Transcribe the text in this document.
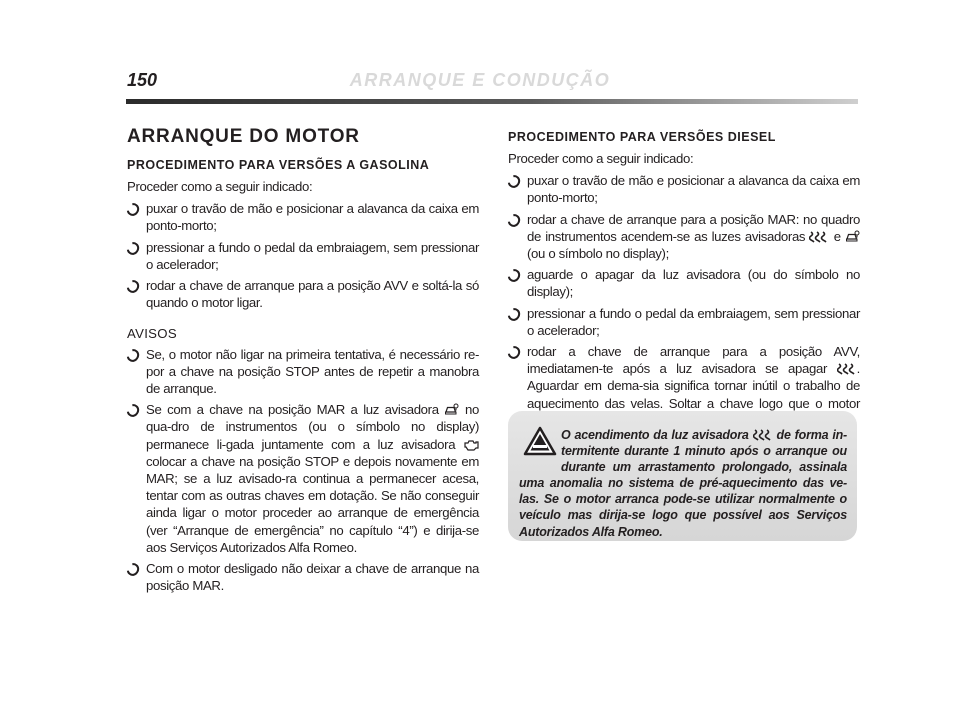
150	ARRANQUE E CONDUÇÃO
ARRANQUE DO MOTOR
PROCEDIMENTO PARA VERSÕES A GASOLINA
Proceder como a seguir indicado:
puxar o travão de mão e posicionar a alavanca da caixa em ponto-morto;
pressionar a fundo o pedal da embraiagem, sem pressionar o acelerador;
rodar a chave de arranque para a posição AVV e soltá-la só quando o motor ligar.
AVISOS
Se, o motor não ligar na primeira tentativa, é necessário re-por a chave na posição STOP antes de repetir a manobra de arranque.
Se com a chave na posição MAR a luz avisadora no qua-dro de instrumentos (ou o símbolo no display) permanece li-gada juntamente com a luz avisadora  colocar a chave na posição STOP e depois novamente em MAR; se a luz avisado-ra continua a permanecer acesa, tentar com as outras chaves em dotação. Se não conseguir ainda ligar o motor proceder ao arranque de emergência (ver “Arranque de emergência” no capítulo “4”) e dirija-se aos Serviços Autorizados Alfa Romeo.
Com o motor desligado não deixar a chave de arranque na posição MAR.
PROCEDIMENTO PARA VERSÕES DIESEL
Proceder como a seguir indicado:
puxar o travão de mão e posicionar a alavanca da caixa em ponto-morto;
rodar a chave de arranque para a posição MAR: no quadro de instrumentos acendem-se as luzes avisadoras e  (ou o símbolo no display);
aguarde o apagar da luz avisadora (ou do símbolo no display);
pressionar a fundo o pedal da embraiagem, sem pressionar o acelerador;
rodar a chave de arranque para a posição AVV, imediatamen-te após a luz avisadora se apagar . Aguardar em dema-sia significa tornar inútil o trabalho de aquecimento das velas. Soltar a chave logo que o motor
O acendimento da luz avisadora de forma in-termitente durante 1 minuto após o arranque ou durante um arrastamento prolongado, assinala uma anomalia no sistema de pré-aquecimento das ve-las. Se o motor arranca pode-se utilizar normalmente o veículo mas dirija-se logo que possível aos Serviços Autorizados Alfa Romeo.
